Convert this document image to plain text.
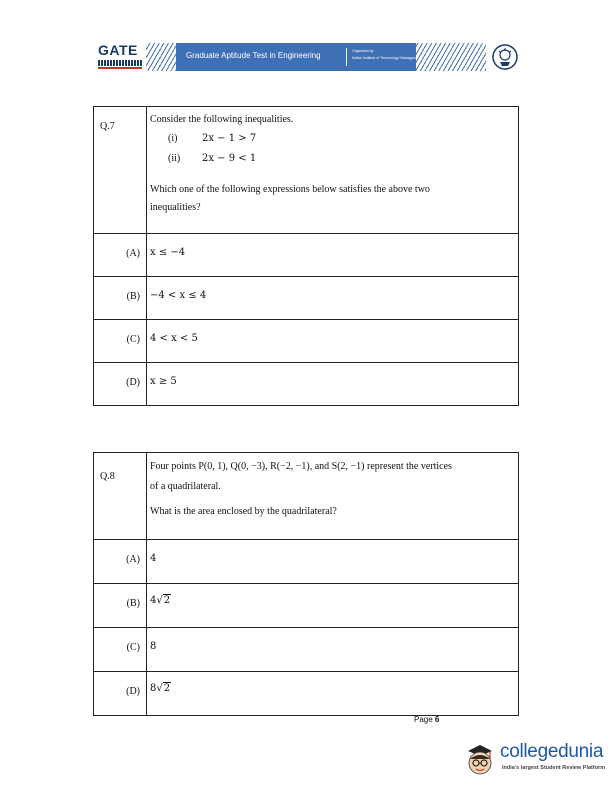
GATE	Graduate Aptitude Test in Engineering	Organised by
Indian Institute of Technology Kharagpur
Q.7
Consider the following inequalities.
(i)	2x − 1 > 7
(ii)	2x − 9 < 1
Which one of the following expressions below satisfies the above two inequalities?
(A)	x ≤ −4
(B)	−4 < x ≤ 4
(C)	4 < x < 5
(D)	x ≥ 5
Q.8
Four points P(0, 1), Q(0, −3), R(−2, −1), and S(2, −1) represent the vertices
of a quadrilateral.
What is the area enclosed by the quadrilateral?
(A)	4
(B)	4√2
(C)	8
(D)	8√2
Page 6
collegedunia
India's largest Student Review Platform
